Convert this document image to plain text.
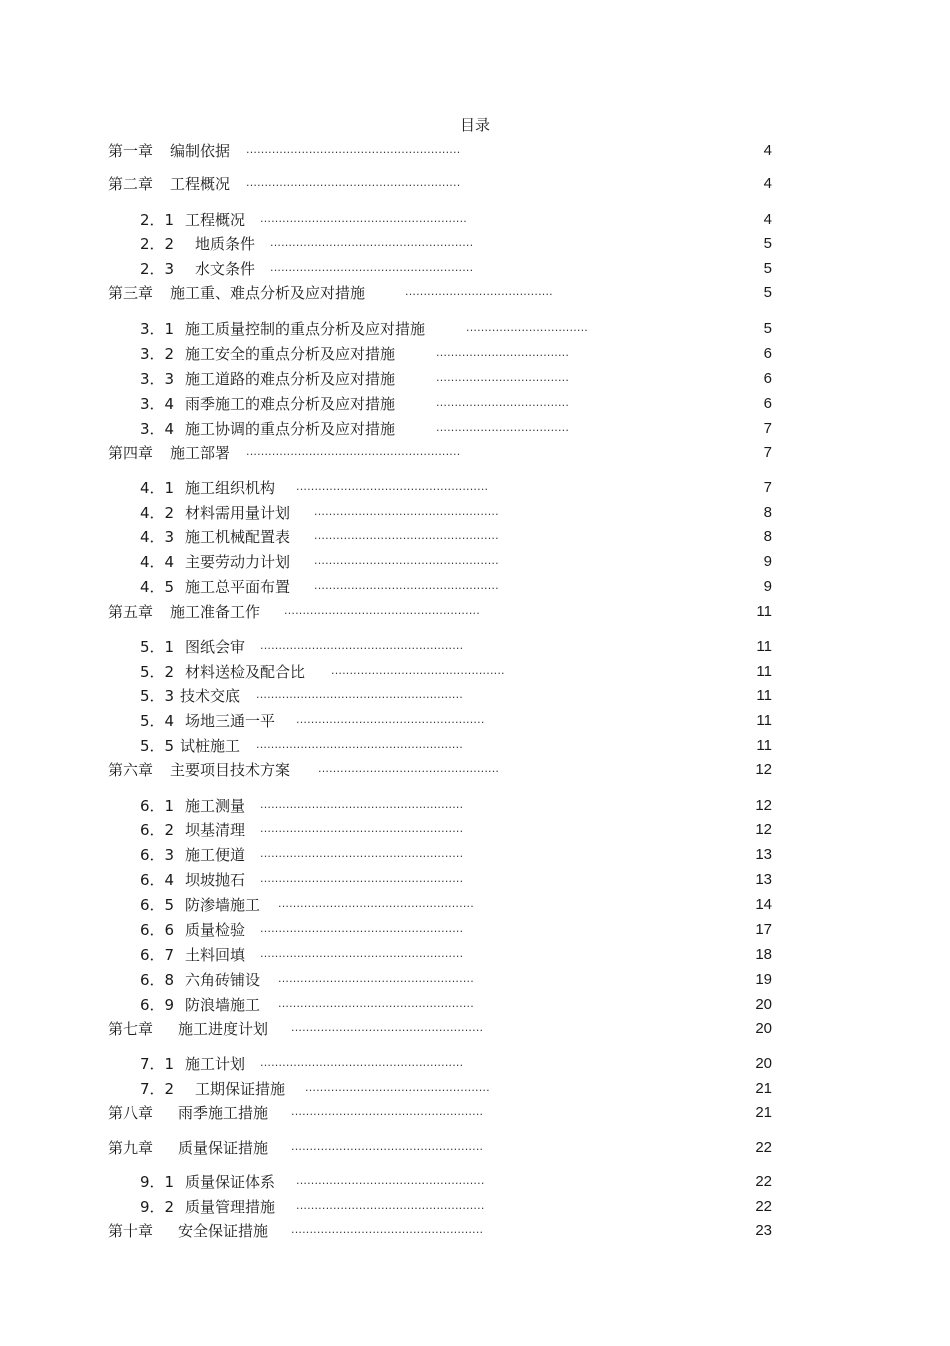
目录
第一章 编制依据 ..........................................................	4
第二章 工程概况 ..........................................................	4
2．1 工程概况 ........................................................	4
2．2 地质条件 .......................................................	5
2．3 水文条件 .......................................................	5
第三章 施工重、难点分析及应对措施	........................................	5
3．1 施工质量控制的重点分析及应对措施	.................................	5
3．2 施工安全的重点分析及应对措施	....................................	6
3．3 施工道路的难点分析及应对措施	....................................	6
3．4 雨季施工的难点分析及应对措施	....................................	6
3．4 施工协调的重点分析及应对措施	....................................	7
第四章 施工部署 ..........................................................	7
4．1 施工组织机构 ....................................................	7
4．2 材料需用量计划 ..................................................	8
4．3 施工机械配置表 ..................................................	8
4．4 主要劳动力计划 ..................................................	9
4．5 施工总平面布置 ..................................................	9
第五章 施工准备工作 .....................................................	11
5．1 图纸会审 .......................................................	11
5．2 材料送检及配合比 ...............................................	11
5．3 技术交底 ........................................................	11
5．4 场地三通一平 ...................................................	11
5．5 试桩施工 ........................................................	11
第六章 主要项目技术方案	.................................................	12
6．1 施工测量 .......................................................	12
6．2 坝基清理 .......................................................	12
6．3 施工便道 .......................................................	13
6．4 坝坡抛石 .......................................................	13
6．5 防渗墙施工 .....................................................	14
6．6 质量检验 .......................................................	17
6．7 土料回填 .......................................................	18
6．8 六角砖铺设 .....................................................	19
6．9 防浪墙施工 .....................................................	20
第七章 施工进度计划 ....................................................	20
7．1 施工计划 .......................................................	20
7．2 工期保证措施 ..................................................	21
第八章 雨季施工措施 ....................................................	21
第九章 质量保证措施 ....................................................	22
9．1 质量保证体系 ...................................................	22
9．2 质量管理措施 ...................................................	22
第十章 安全保证措施 ....................................................	23
